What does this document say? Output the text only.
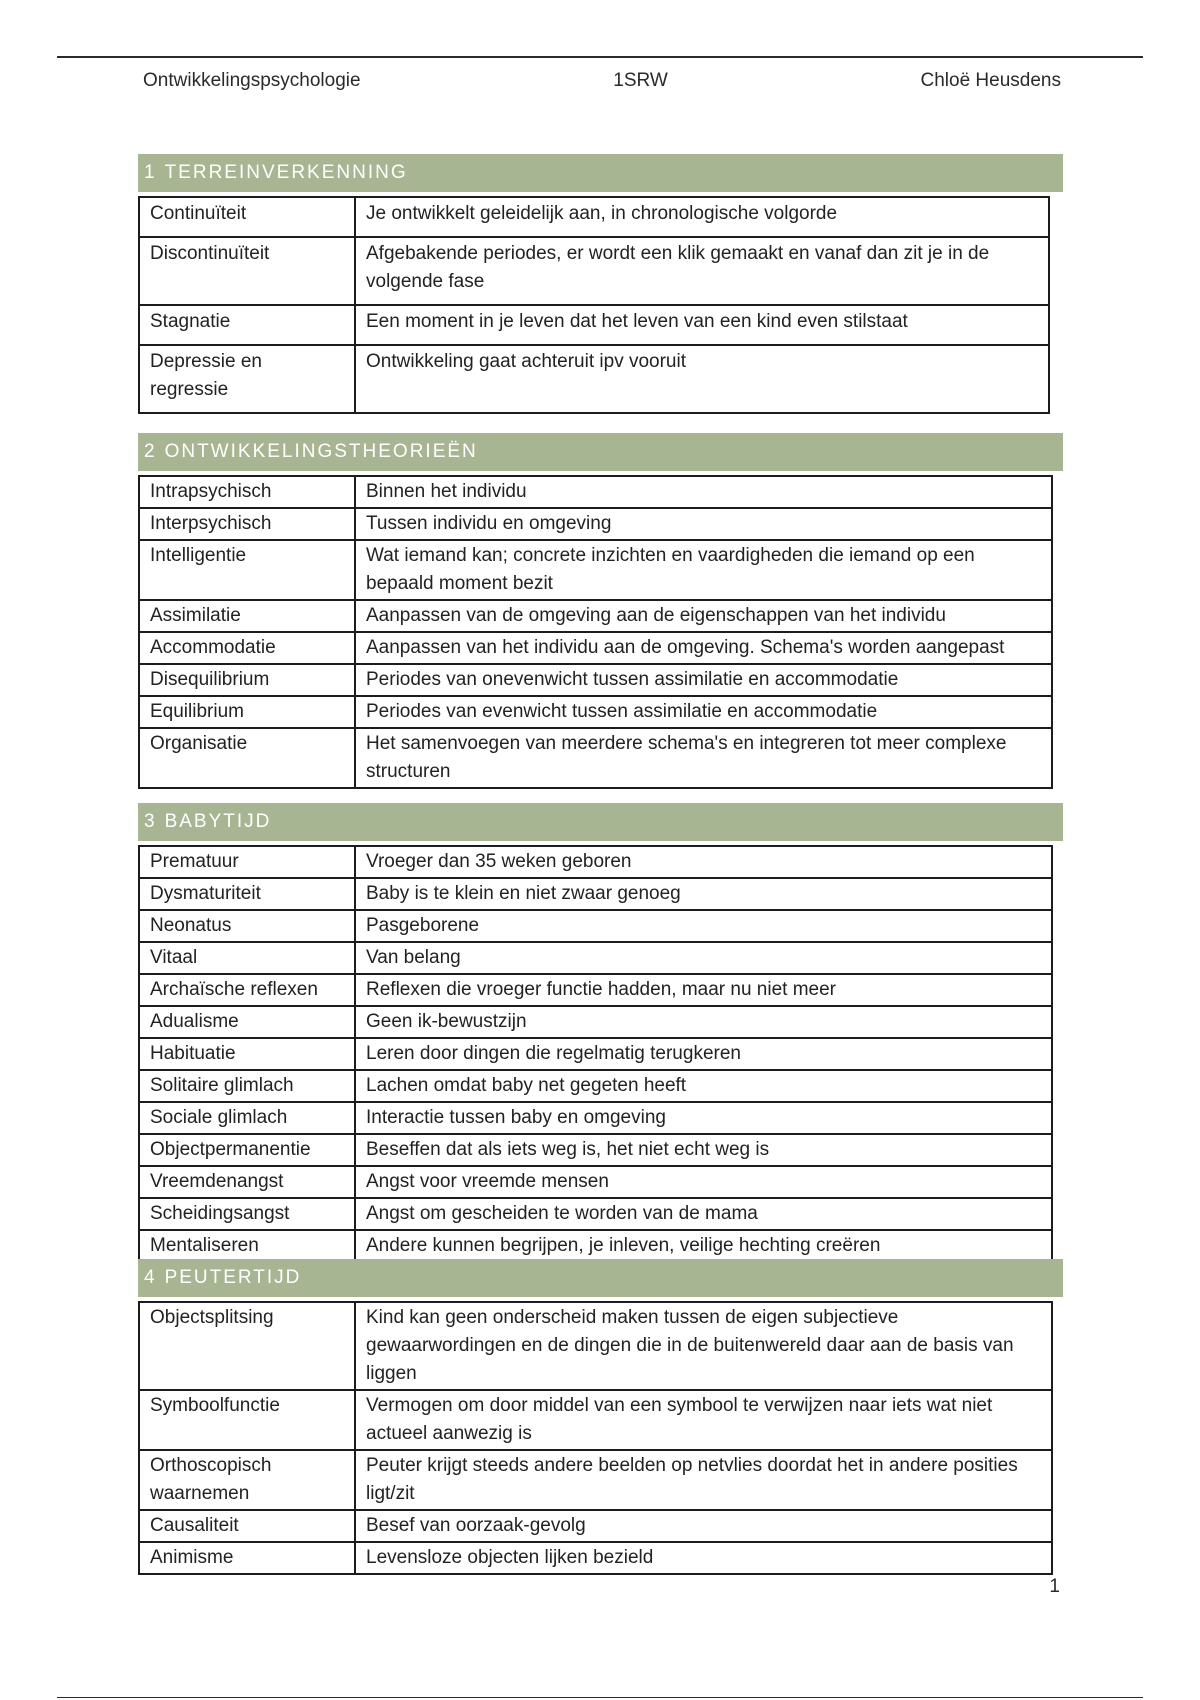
Ontwikkelingspsychologie	1SRW	Chloë Heusdens
1 TERREINVERKENNING
Continuïteit	Je ontwikkelt geleidelijk aan, in chronologische volgorde
Discontinuïteit	Afgebakende periodes, er wordt een klik gemaakt en vanaf dan zit je in de volgende fase
Stagnatie	Een moment in je leven dat het leven van een kind even stilstaat
Depressie en regressie	Ontwikkeling gaat achteruit ipv vooruit
2 ONTWIKKELINGSTHEORIEËN
Intrapsychisch	Binnen het individu
Interpsychisch	Tussen individu en omgeving
Intelligentie	Wat iemand kan; concrete inzichten en vaardigheden die iemand op een bepaald moment bezit
Assimilatie	Aanpassen van de omgeving aan de eigenschappen van het individu
Accommodatie	Aanpassen van het individu aan de omgeving. Schema's worden aangepast
Disequilibrium	Periodes van onevenwicht tussen assimilatie en accommodatie
Equilibrium	Periodes van evenwicht tussen assimilatie en accommodatie
Organisatie	Het samenvoegen van meerdere schema's en integreren tot meer complexe structuren
3 BABYTIJD
Prematuur	Vroeger dan 35 weken geboren
Dysmaturiteit	Baby is te klein en niet zwaar genoeg
Neonatus	Pasgeborene
Vitaal	Van belang
Archaïsche reflexen	Reflexen die vroeger functie hadden, maar nu niet meer
Adualisme	Geen ik-bewustzijn
Habituatie	Leren door dingen die regelmatig terugkeren
Solitaire glimlach	Lachen omdat baby net gegeten heeft
Sociale glimlach	Interactie tussen baby en omgeving
Objectpermanentie	Beseffen dat als iets weg is, het niet echt weg is
Vreemdenangst	Angst voor vreemde mensen
Scheidingsangst	Angst om gescheiden te worden van de mama
Mentaliseren	Andere kunnen begrijpen, je inleven, veilige hechting creëren
4 PEUTERTIJD
Objectsplitsing	Kind kan geen onderscheid maken tussen de eigen subjectieve gewaarwordingen en de dingen die in de buitenwereld daar aan de basis van liggen
Symboolfunctie	Vermogen om door middel van een symbool te verwijzen naar iets wat niet actueel aanwezig is
Orthoscopisch waarnemen	Peuter krijgt steeds andere beelden op netvlies doordat het in andere posities ligt/zit
Causaliteit	Besef van oorzaak-gevolg
Animisme	Levensloze objecten lijken bezield
1
